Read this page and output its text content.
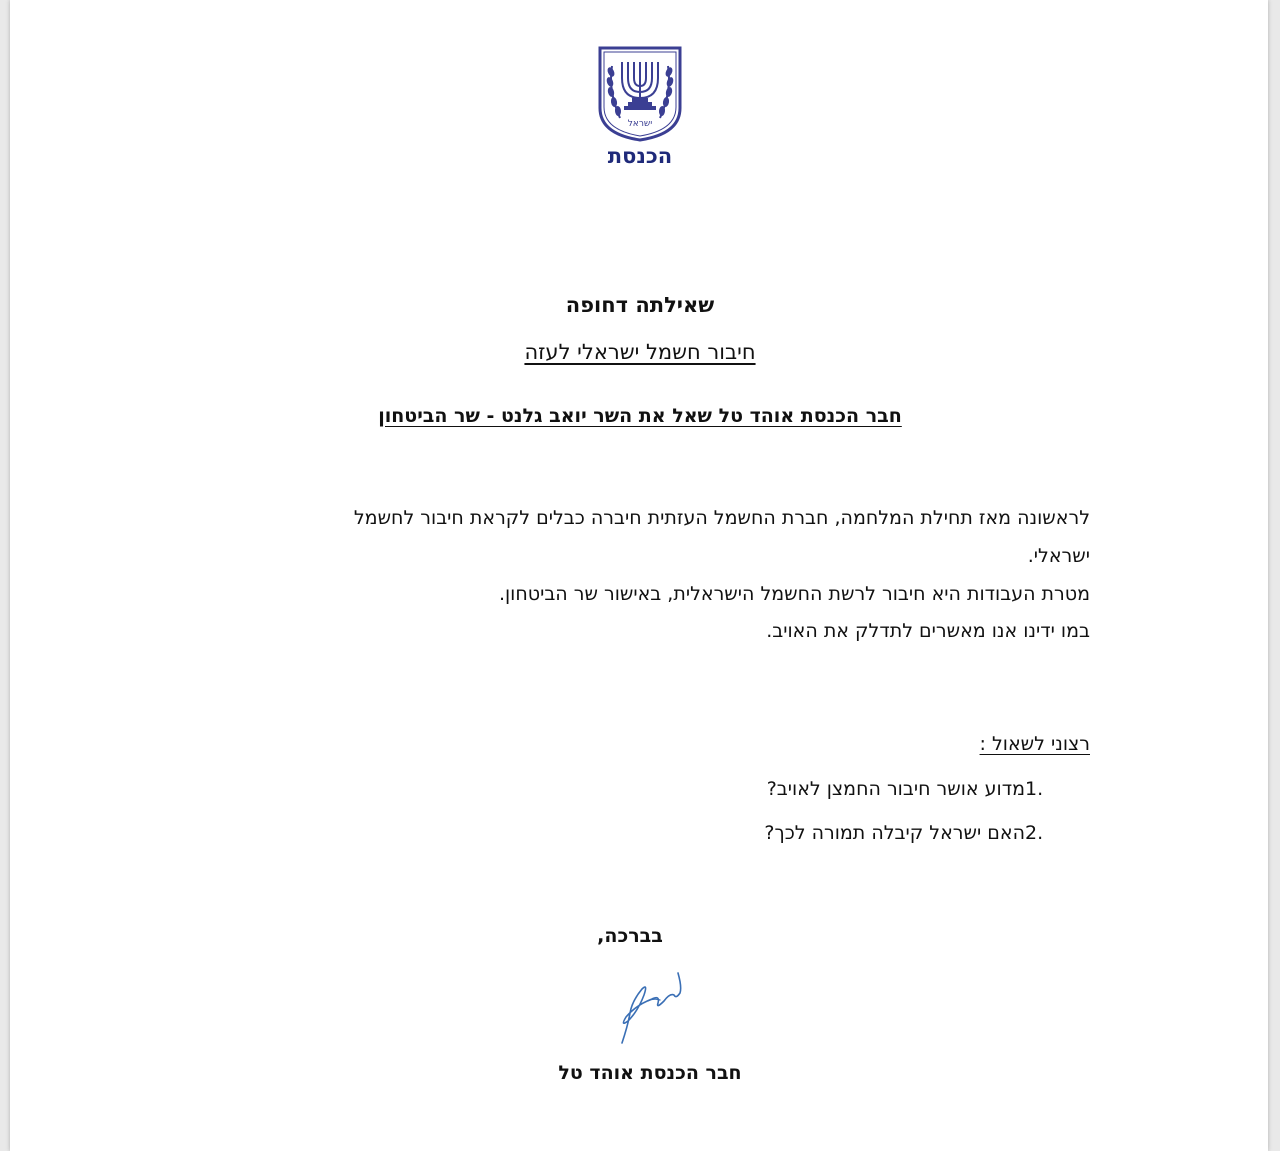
ישראל
הכנסת
שאילתה דחופה
חיבור חשמל ישראלי לעזה
חבר הכנסת אוהד טל שאל את השר יואב גלנט - שר הביטחון
לראשונה מאז תחילת המלחמה, חברת החשמל העזתית חיברה כבלים לקראת חיבור לחשמל
ישראלי.
מטרת העבודות היא חיבור לרשת החשמל הישראלית, באישור שר הביטחון.
במו ידינו אנו מאשרים לתדלק את האויב.
רצוני לשאול :
1.
מדוע אושר חיבור החמצן לאויב?
2.
האם ישראל קיבלה תמורה לכך?
בברכה,
חבר הכנסת אוהד טל
